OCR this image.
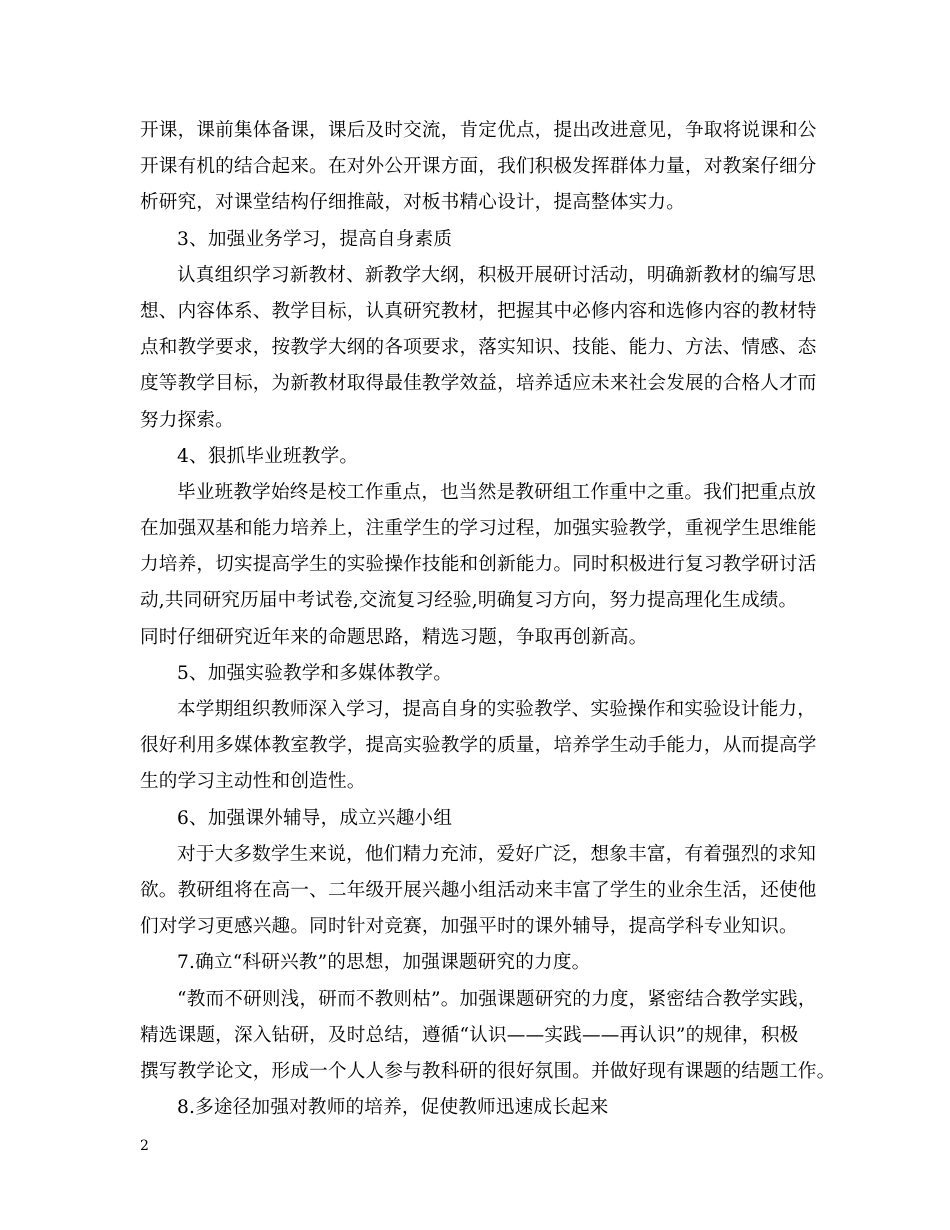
开课，课前集体备课，课后及时交流，肯定优点，提出改进意见，争取将说课和公
开课有机的结合起来。在对外公开课方面，我们积极发挥群体力量，对教案仔细分
析研究，对课堂结构仔细推敲，对板书精心设计，提高整体实力。
3、加强业务学习，提高自身素质
认真组织学习新教材、新教学大纲，积极开展研讨活动，明确新教材的编写思
想、内容体系、教学目标，认真研究教材，把握其中必修内容和选修内容的教材特
点和教学要求，按教学大纲的各项要求，落实知识、技能、能力、方法、情感、态
度等教学目标，为新教材取得最佳教学效益，培养适应未来社会发展的合格人才而
努力探索。
4、狠抓毕业班教学。
毕业班教学始终是校工作重点，也当然是教研组工作重中之重。我们把重点放
在加强双基和能力培养上，注重学生的学习过程，加强实验教学，重视学生思维能
力培养，切实提高学生的实验操作技能和创新能力。同时积极进行复习教学研讨活
动,共同研究历届中考试卷,交流复习经验,明确复习方向，努力提高理化生成绩。
同时仔细研究近年来的命题思路，精选习题，争取再创新高。
5、加强实验教学和多媒体教学。
本学期组织教师深入学习，提高自身的实验教学、实验操作和实验设计能力，
很好利用多媒体教室教学，提高实验教学的质量，培养学生动手能力，从而提高学
生的学习主动性和创造性。
6、加强课外辅导，成立兴趣小组
对于大多数学生来说，他们精力充沛，爱好广泛，想象丰富，有着强烈的求知
欲。教研组将在高一、二年级开展兴趣小组活动来丰富了学生的业余生活，还使他
们对学习更感兴趣。同时针对竞赛，加强平时的课外辅导，提高学科专业知识。
7.确立“科研兴教”的思想，加强课题研究的力度。
“教而不研则浅，研而不教则枯”。加强课题研究的力度，紧密结合教学实践，
精选课题，深入钻研，及时总结，遵循“认识——实践——再认识”的规律，积极
撰写教学论文，形成一个人人参与教科研的很好氛围。并做好现有课题的结题工作。
8.多途径加强对教师的培养，促使教师迅速成长起来
2
